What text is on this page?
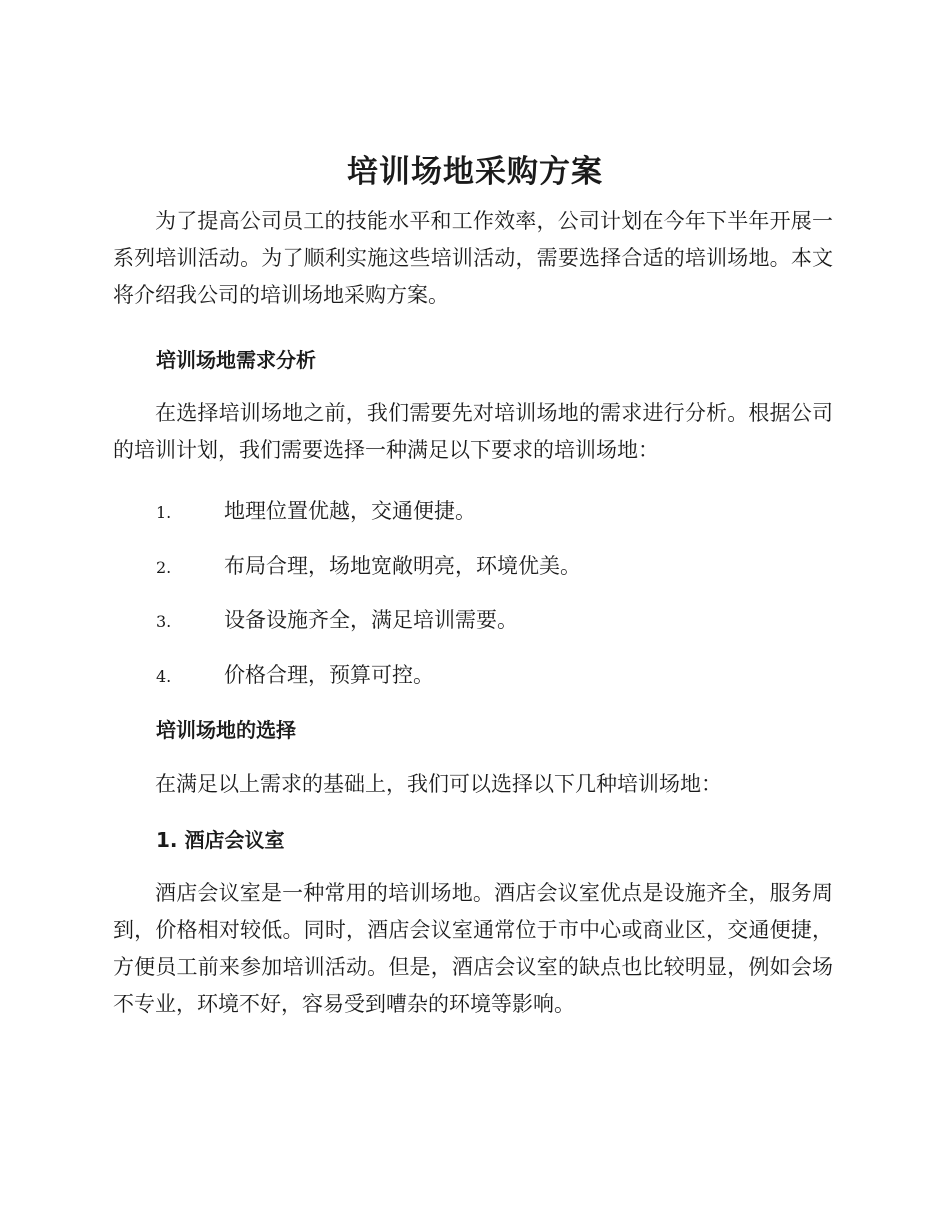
培训场地采购方案

为了提高公司员工的技能水平和工作效率，公司计划在今年下半年开展一系列培训活动。为了顺利实施这些培训活动，需要选择合适的培训场地。本文将介绍我公司的培训场地采购方案。

培训场地需求分析

在选择培训场地之前，我们需要先对培训场地的需求进行分析。根据公司的培训计划，我们需要选择一种满足以下要求的培训场地：

1.	地理位置优越，交通便捷。
2.	布局合理，场地宽敞明亮，环境优美。
3.	设备设施齐全，满足培训需要。
4.	价格合理，预算可控。
培训场地的选择

在满足以上需求的基础上，我们可以选择以下几种培训场地：

1. 酒店会议室

酒店会议室是一种常用的培训场地。酒店会议室优点是设施齐全，服务周到，价格相对较低。同时，酒店会议室通常位于市中心或商业区，交通便捷，方便员工前来参加培训活动。但是，酒店会议室的缺点也比较明显，例如会场不专业，环境不好，容易受到嘈杂的环境等影响。
